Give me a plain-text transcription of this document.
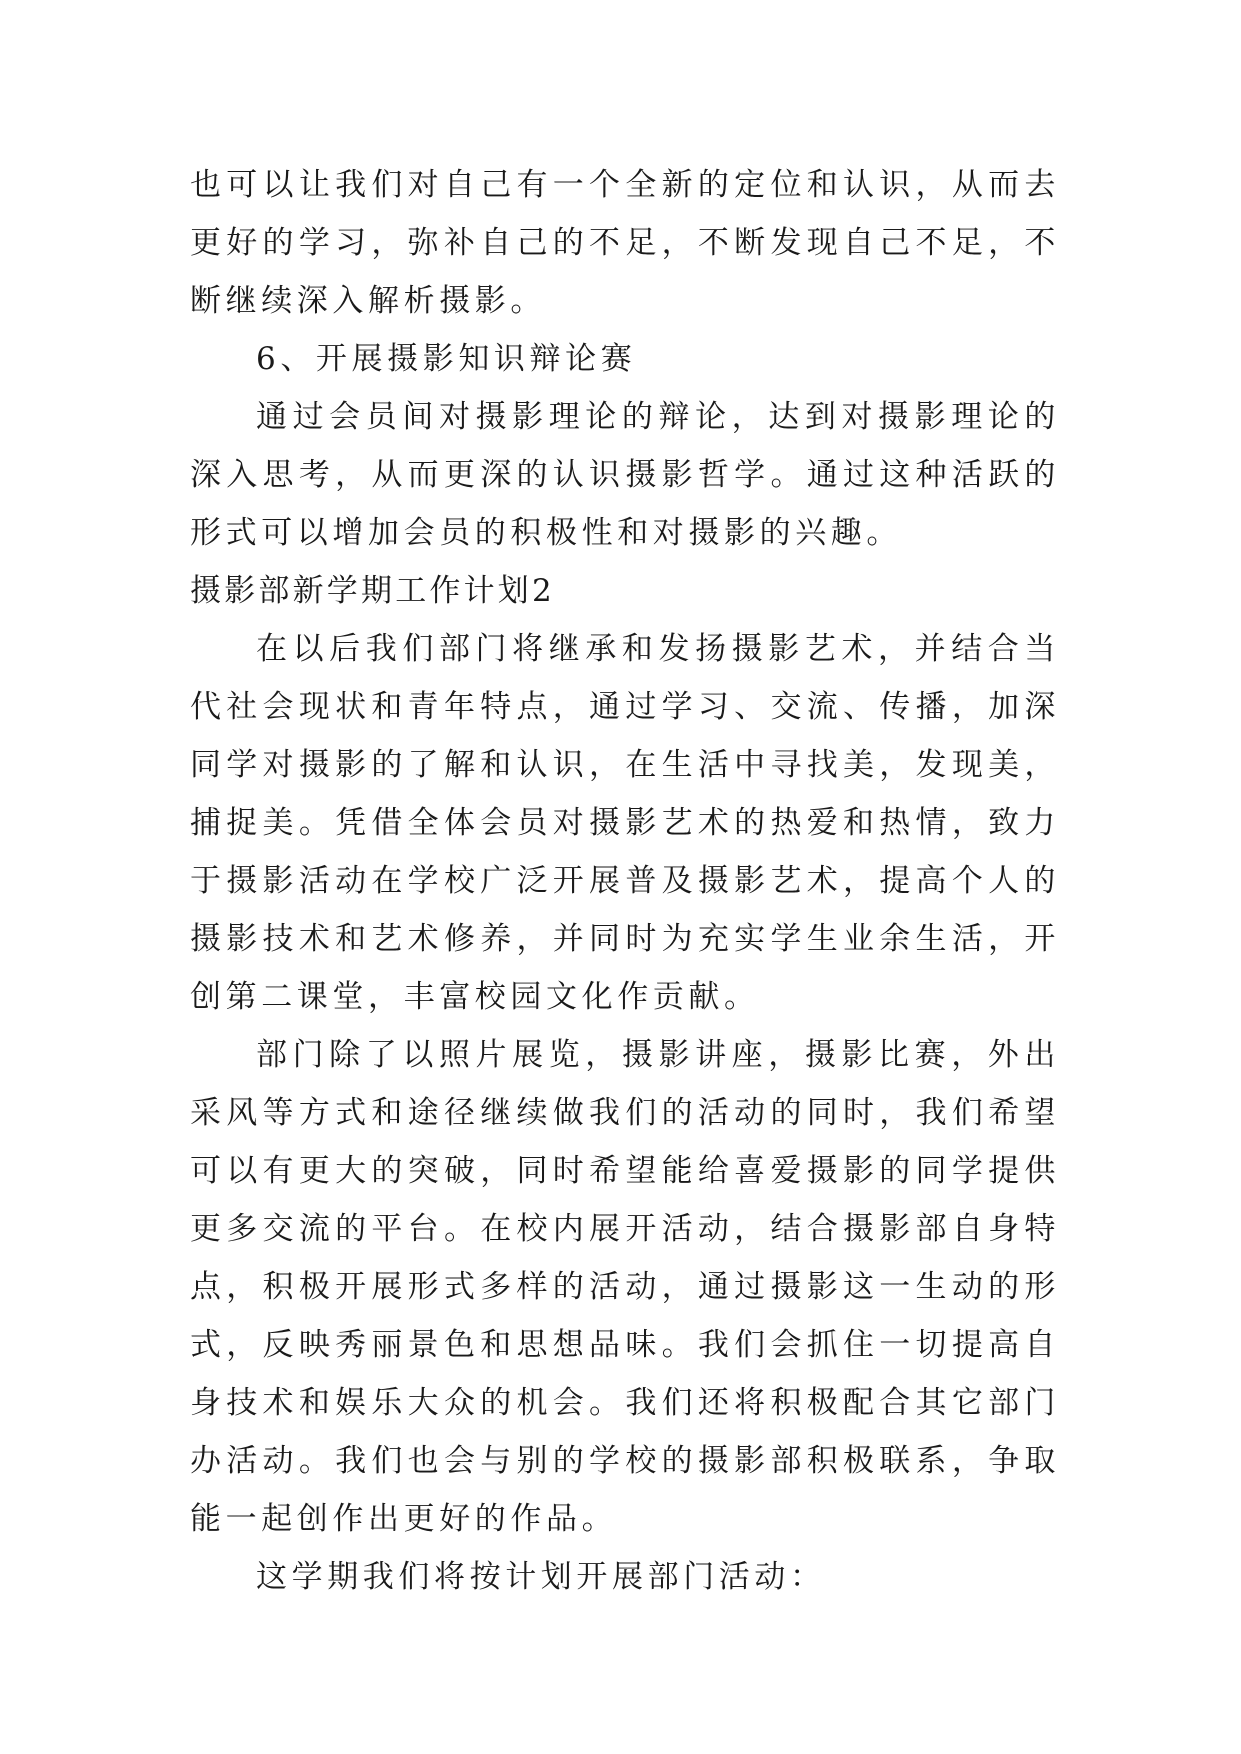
也可以让我们对自己有一个全新的定位和认识，从而去更好的学习，弥补自己的不足，不断发现自己不足，不断继续深入解析摄影。

6、开展摄影知识辩论赛

通过会员间对摄影理论的辩论，达到对摄影理论的深入思考，从而更深的认识摄影哲学。通过这种活跃的形式可以增加会员的积极性和对摄影的兴趣。

摄影部新学期工作计划2

在以后我们部门将继承和发扬摄影艺术，并结合当代社会现状和青年特点，通过学习、交流、传播，加深同学对摄影的了解和认识，在生活中寻找美，发现美，捕捉美。凭借全体会员对摄影艺术的热爱和热情，致力于摄影活动在学校广泛开展普及摄影艺术，提高个人的摄影技术和艺术修养，并同时为充实学生业余生活，开创第二课堂，丰富校园文化作贡献。

部门除了以照片展览，摄影讲座，摄影比赛，外出采风等方式和途径继续做我们的活动的同时，我们希望可以有更大的突破，同时希望能给喜爱摄影的同学提供更多交流的平台。在校内展开活动，结合摄影部自身特点，积极开展形式多样的活动，通过摄影这一生动的形式，反映秀丽景色和思想品味。我们会抓住一切提高自身技术和娱乐大众的机会。我们还将积极配合其它部门办活动。我们也会与别的学校的摄影部积极联系，争取能一起创作出更好的作品。

这学期我们将按计划开展部门活动：
